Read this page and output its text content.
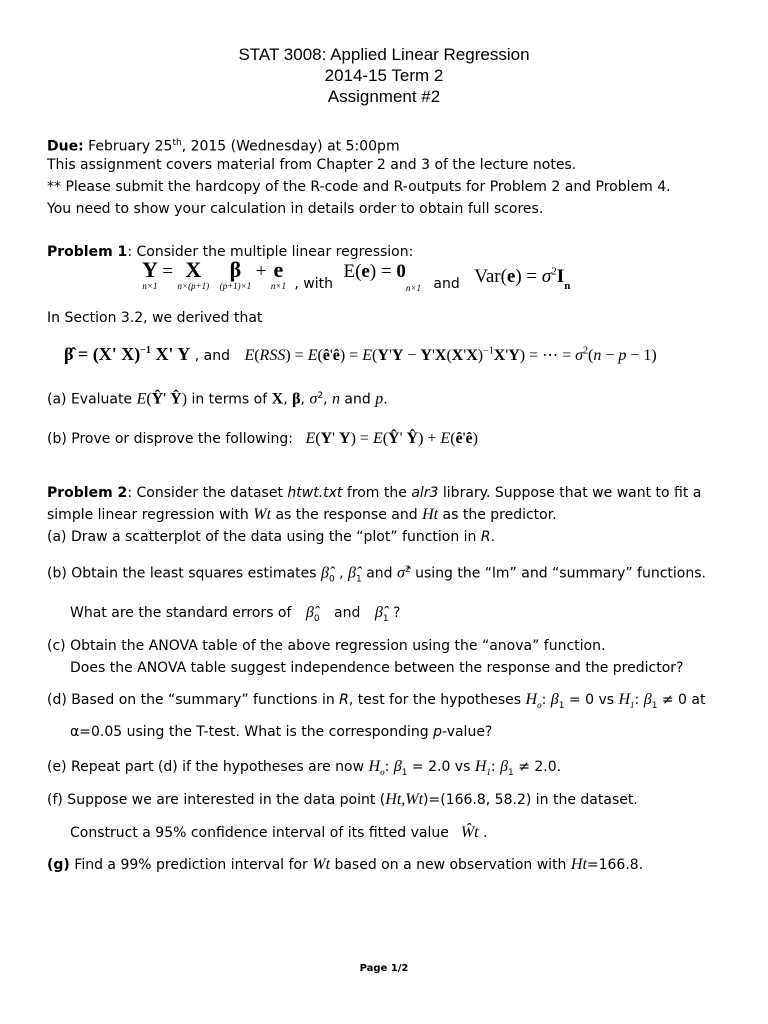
STAT 3008: Applied Linear Regression
2014-15 Term 2
Assignment #2
Due: February 25th, 2015 (Wednesday) at 5:00pm
This assignment covers material from Chapter 2 and 3 of the lecture notes.
** Please submit the hardcopy of the R-code and R-outputs for Problem 2 and Problem 4.
You need to show your calculation in details order to obtain full scores.
Problem 1: Consider the multiple linear regression:
Y
n×1
= X
n×(p+1)
β
(p+1)×1
+ e
n×1 , with E(e) = 0n×1 and $Var(e) = \sigma^2In$
In Section 3.2, we derived that
β̂ = (X' X)$^{-1}$ X' Y , and E(RSS) = E(ê'ê) = $E(Y'Y - Y'X(X'X)^{-1}X'Y)$ = ⋯ = $\sigma^2(n - p - 1)$
(a) Evaluate E(Ŷ' Ŷ) in terms of X, β, $\sigma^2$, n and p.
(b) Prove or disprove the following: E(Y' Y) = E(Ŷ' Ŷ) + E(ê'ê)
Problem 2: Consider the dataset htwt.txt from the alr3 library. Suppose that we want to fit a
simple linear regression with Wt as the response and Ht as the predictor.
(a) Draw a scatterplot of the data using the “plot” function in R.
(b) Obtain the least squares estimates $\betâ_0$ , $\betâ_1$ and σ̂$^2$ using the “lm” and “summary” functions.
What are the standard errors of $\betâ_0$ and $\betâ_1$ ?
(c) Obtain the ANOVA table of the above regression using the “anova” function.
Does the ANOVA table suggest independence between the response and the predictor?
(d) Based on the “summary” functions in R, test for the hypotheses $H_o$: $\beta_1 = 0$ vs $H_1$: $\beta_1 \ne 0$ at
α=0.05 using the T-test. What is the corresponding p-value?
(e) Repeat part (d) if the hypotheses are now $H_o$: $\beta_1 = 2.0$ vs $H_1$: $\beta_1 \ne 2.0$.
(f) Suppose we are interested in the data point (Ht,Wt)=(166.8, 58.2) in the dataset.
Construct a 95% confidence interval of its fitted value Ŵt .
(g) Find a 99% prediction interval for Wt based on a new observation with Ht=166.8.
Page 1/2
